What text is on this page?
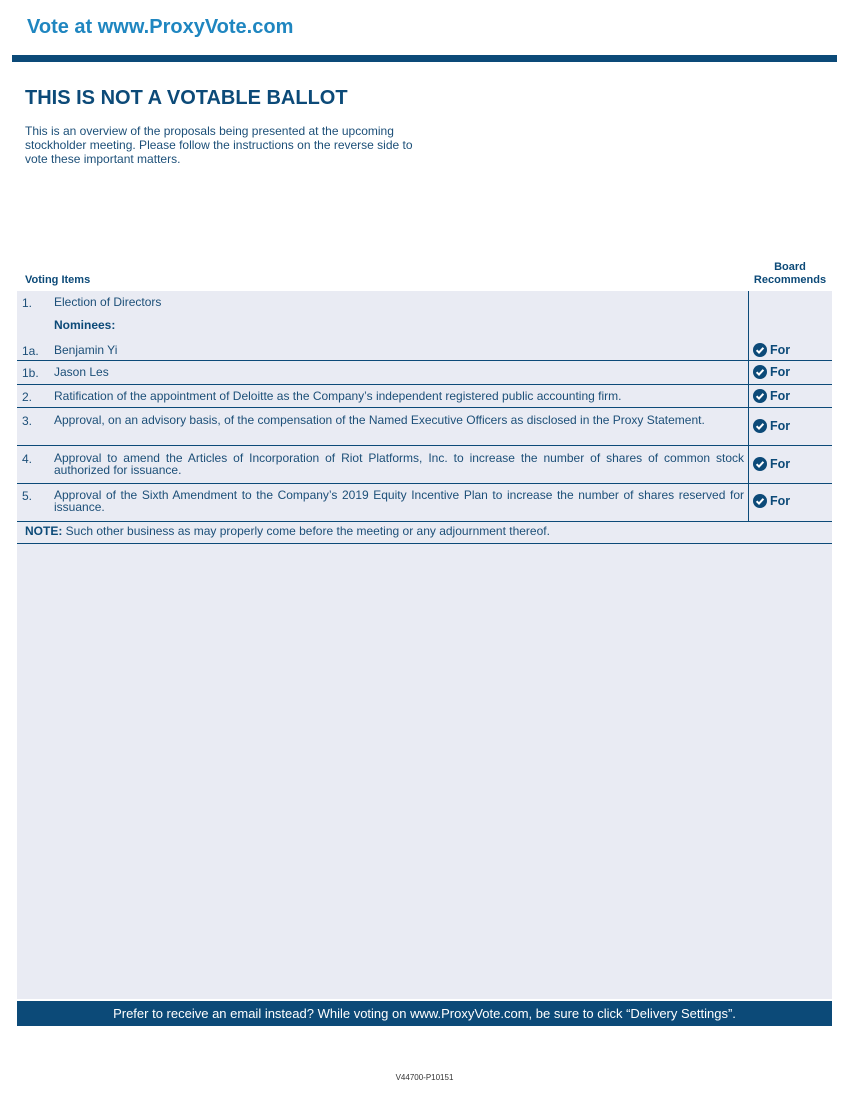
Vote at www.ProxyVote.com
THIS IS NOT A VOTABLE BALLOT
This is an overview of the proposals being presented at the upcoming stockholder meeting. Please follow the instructions on the reverse side to vote these important matters.
Voting Items
Board
Recommends
1. Election of Directors
Nominees:
1a. Benjamin Yi	For
1b. Jason Les	For
2. Ratification of the appointment of Deloitte as the Company’s independent registered public accounting firm.	For
3. Approval, on an advisory basis, of the compensation of the Named Executive Officers as disclosed in the Proxy Statement.	For
4. Approval to amend the Articles of Incorporation of Riot Platforms, Inc. to increase the number of shares of common stock authorized for issuance.	For
5. Approval of the Sixth Amendment to the Company’s 2019 Equity Incentive Plan to increase the number of shares reserved for issuance.	For
NOTE: Such other business as may properly come before the meeting or any adjournment thereof.
Prefer to receive an email instead? While voting on www.ProxyVote.com, be sure to click “Delivery Settings”.
V44700-P10151
